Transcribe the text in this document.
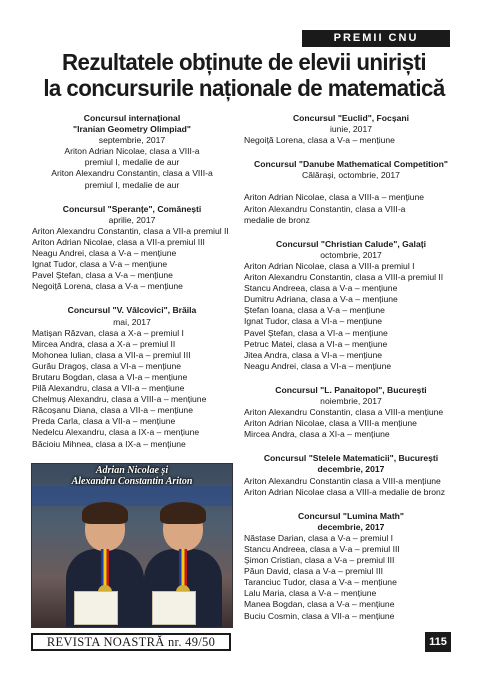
PREMII CNU
Rezultatele obținute de elevii uniriști
la concursurile naționale de matematică
Concursul internațional
"Iranian Geometry Olimpiad"
septembrie, 2017
Ariton Adrian Nicolae, clasa a VIII-a
premiul I, medalie de aur
Ariton Alexandru Constantin, clasa a VIII-a
premiul I, medalie de aur
Concursul "Speranțe", Comănești
aprilie, 2017
Ariton Alexandru Constantin, clasa a VII-a premiul II
Ariton Adrian Nicolae, clasa a VII-a premiul III
Neagu Andrei, clasa a V-a – mențiune
Ignat Tudor, clasa a V-a – mențiune
Pavel Ștefan, clasa a V-a – mențiune
Negoiță Lorena, clasa a V-a – mențiune
Concursul "V. Vâlcovici", Brăila
mai, 2017
Matișan Răzvan, clasa a X-a – premiul I
Mircea Andra, clasa a X-a – premiul II
Mohonea Iulian, clasa a VII-a – premiul III
Gurău Dragoș, clasa a VI-a – mențiune
Brutaru Bogdan, clasa a VI-a – mențiune
Pilă Alexandru, clasa a VII-a – mențiune
Chelmuș Alexandru, clasa a VIII-a – mențiune
Răcoșanu Diana, clasa a VII-a – mențiune
Preda Carla, clasa a VII-a – mențiune
Nedelcu Alexandru, clasa a IX-a – mențiune
Băcioiu Mihnea, clasa a IX-a – mențiune
Adrian Nicolae și
Alexandru Constantin Ariton
Concursul "Euclid", Focșani
iunie, 2017
Negoiță Lorena, clasa a V-a – mențiune
Concursul "Danube Mathematical Competition"
Călărași, octombrie, 2017
Ariton Adrian Nicolae, clasa a VIII-a – mențiune
Ariton Alexandru Constantin, clasa a VIII-a
medalie de bronz
Concursul "Christian Calude", Galați
octombrie, 2017
Ariton Adrian Nicolae, clasa a VIII-a premiul I
Ariton Alexandru Constantin, clasa a VIII-a premiul II
Stancu Andreea, clasa a V-a – mențiune
Dumitru Adriana, clasa a V-a – mențiune
Ștefan Ioana, clasa a V-a – mențiune
Ignat Tudor, clasa a VI-a – mențiune
Pavel Ștefan, clasa a VI-a – mențiune
Petruc Matei, clasa a VI-a – mențiune
Jitea Andra, clasa a VI-a – mențiune
Neagu Andrei, clasa a VI-a – mențiune
Concursul "L. Panaitopol", București
noiembrie, 2017
Ariton Alexandru Constantin, clasa a VIII-a mențiune
Ariton Adrian Nicolae, clasa a VIII-a mențiune
Mircea Andra, clasa a XI-a – mențiune
Concursul "Stelele Matematicii", București
decembrie, 2017
Ariton Alexandru Constantin clasa a VIII-a mențiune
Ariton Adrian Nicolae clasa a VIII-a medalie de bronz
Concursul "Lumina Math"
decembrie, 2017
Năstase Darian, clasa a V-a – premiul I
Stancu Andreea, clasa a V-a – premiul III
Șimon Cristian, clasa a V-a – premiul III
Păun David, clasa a V-a – premiul III
Taranciuc Tudor, clasa a V-a – mențiune
Lalu Maria, clasa a V-a – mențiune
Manea Bogdan, clasa a V-a – mențiune
Buciu Cosmin, clasa a VII-a – mențiune
REVISTA NOASTRĂ nr. 49/50	115
